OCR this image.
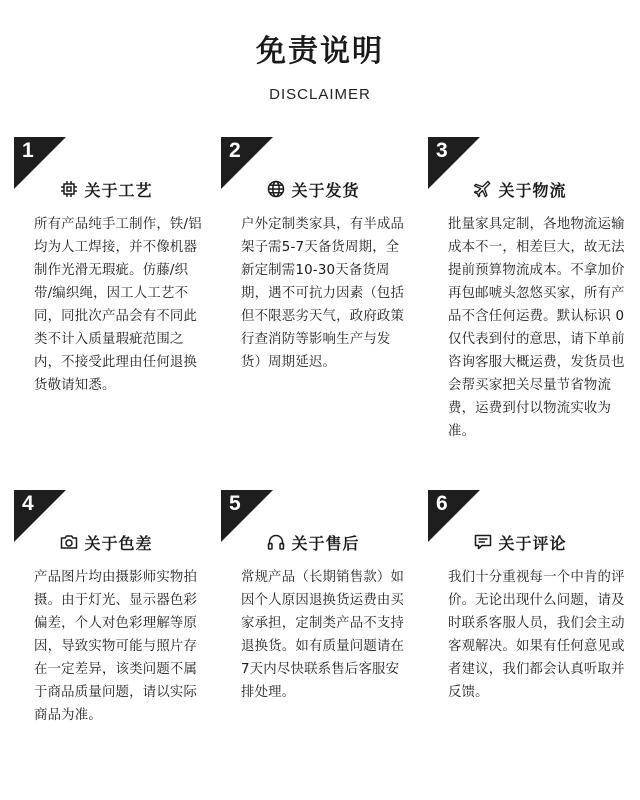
免责说明
DISCLAIMER
1
关于工艺
所有产品纯手工制作，铁/铝均为人工焊接，并不像机器制作光滑无瑕疵。仿藤/织带/编织绳，因工人工艺不同，同批次产品会有不同此类不计入质量瑕疵范围之内，不接受此理由任何退换货敬请知悉。
2
关于发货
户外定制类家具，有半成品架子需5-7天备货周期，全新定制需10-30天备货周期，遇不可抗力因素（包括但不限恶劣天气，政府政策行查消防等影响生产与发货）周期延迟。
3
关于物流
批量家具定制，各地物流运输成本不一，相差巨大，故无法提前预算物流成本。不拿加价再包邮唬头忽悠买家，所有产品不含任何运费。默认标识 0 仅代表到付的意思，请下单前咨询客服大概运费，发货员也会帮买家把关尽量节省物流费，运费到付以物流实收为准。
4
关于色差
产品图片均由摄影师实物拍摄。由于灯光、显示器色彩偏差，个人对色彩理解等原因，导致实物可能与照片存在一定差异，该类问题不属于商品质量问题，请以实际商品为准。
5
关于售后
常规产品（长期销售款）如因个人原因退换货运费由买家承担，定制类产品不支持退换货。如有质量问题请在7天内尽快联系售后客服安排处理。
6
关于评论
我们十分重视每一个中肯的评价。无论出现什么问题，请及时联系客服人员，我们会主动客观解决。如果有任何意见或者建议，我们都会认真听取并反馈。
